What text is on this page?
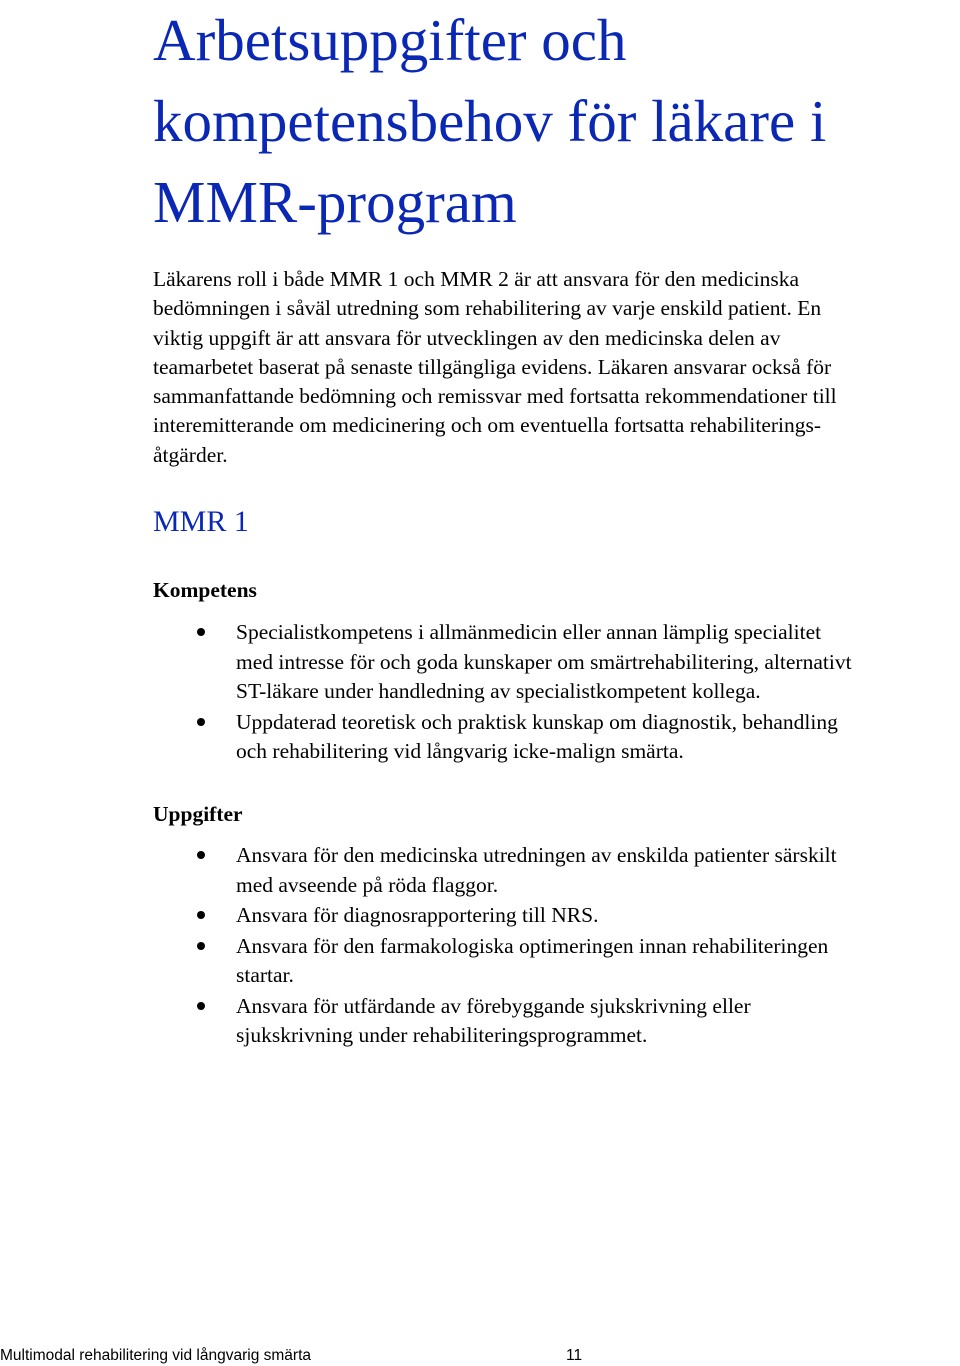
Arbetsuppgifter och
kompetensbehov för läkare i
MMR-program

Läkarens roll i både MMR 1 och MMR 2 är att ansvara för den medicinska
bedömningen i såväl utredning som rehabilitering av varje enskild patient. En
viktig uppgift är att ansvara för utvecklingen av den medicinska delen av
teamarbetet baserat på senaste tillgängliga evidens. Läkaren ansvarar också för
sammanfattande bedömning och remissvar med fortsatta rekommendationer till
interemitterande om medicinering och om eventuella fortsatta rehabiliterings-
åtgärder.

MMR 1
Kompetens
Specialistkompetens i allmänmedicin eller annan lämplig specialitet
med intresse för och goda kunskaper om smärtrehabilitering, alternativt
ST-läkare under handledning av specialistkompetent kollega.
Uppdaterad teoretisk och praktisk kunskap om diagnostik, behandling
och rehabilitering vid långvarig icke-malign smärta.
Uppgifter
Ansvara för den medicinska utredningen av enskilda patienter särskilt
med avseende på röda flaggor.
Ansvara för diagnosrapportering till NRS.
Ansvara för den farmakologiska optimeringen innan rehabiliteringen
startar.
Ansvara för utfärdande av förebyggande sjukskrivning eller
sjukskrivning under rehabiliteringsprogrammet.
Multimodal rehabilitering vid långvarig smärta	11
